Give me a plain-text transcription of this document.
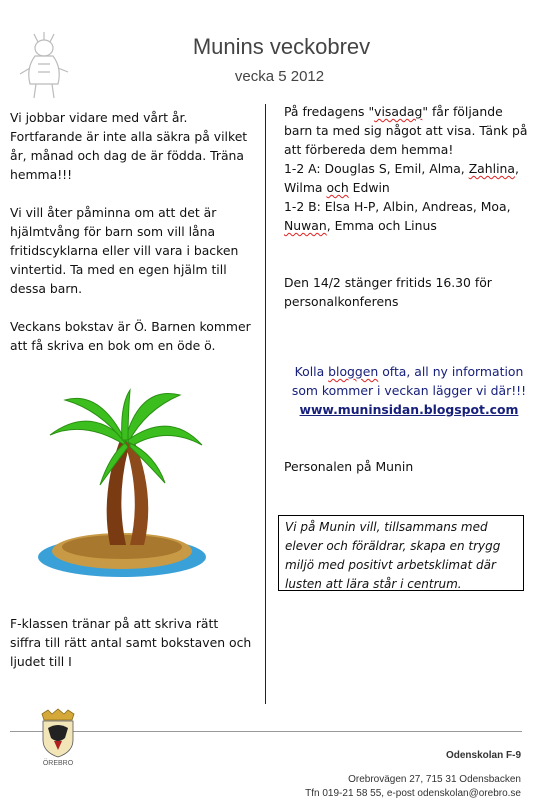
Munins veckobrev
vecka 5 2012

Vi jobbar vidare med vårt år. Fortfarande är inte alla säkra på vilket år, månad och dag de är födda. Träna hemma!!!

Vi vill åter påminna om att det är hjälmtvång för barn som vill låna fritidscyklarna eller vill vara i backen vintertid. Ta med en egen hjälm till dessa barn.

Veckans bokstav är Ö. Barnen kommer att få skriva en bok om en öde ö.

F-klassen tränar på att skriva rätt siffra till rätt antal samt bokstaven och ljudet till I

På fredagens "visadag" får följande barn ta med sig något att visa. Tänk på att förbereda dem hemma!

1-2 A: Douglas S, Emil, Alma, Zahlina, Wilma och Edwin

1-2 B: Elsa H-P, Albin, Andreas, Moa, Nuwan, Emma och Linus

Den 14/2 stänger fritids 16.30 för personalkonferens

Kolla bloggen ofta, all ny information som kommer i veckan lägger vi där!!!

www.muninsidan.blogspot.com

Personalen på Munin

Vi på Munin vill, tillsammans med elever och föräldrar, skapa en trygg miljö med positivt arbetsklimat där lusten att lära står i centrum.
ÖREBRO
Odenskolan F-9
Orebrovägen 27, 715 31 Odensbacken
Tfn 019-21 58 55, e-post odenskolan@orebro.se
